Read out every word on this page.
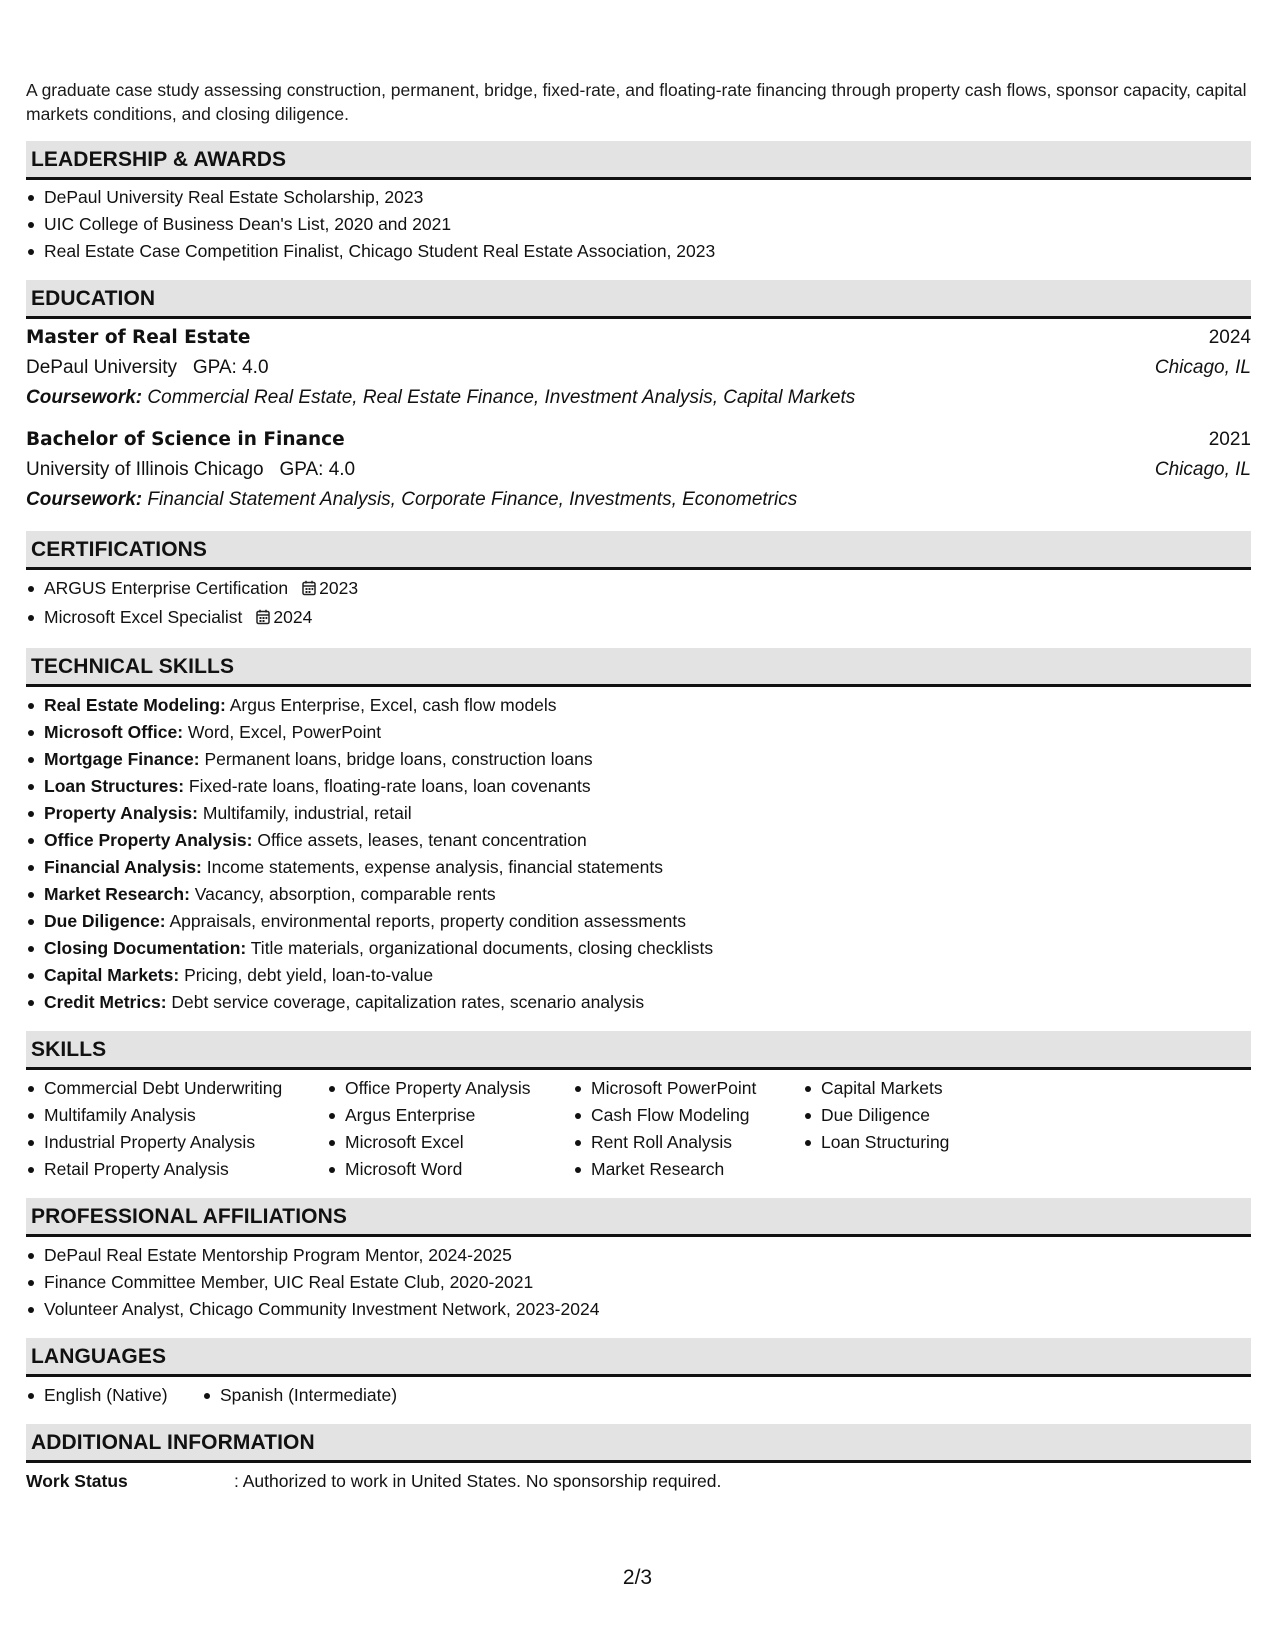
A graduate case study assessing construction, permanent, bridge, fixed-rate, and floating-rate financing through property cash flows, sponsor capacity, capital markets conditions, and closing diligence.
LEADERSHIP & AWARDS
DePaul University Real Estate Scholarship, 2023
UIC College of Business Dean's List, 2020 and 2021
Real Estate Case Competition Finalist, Chicago Student Real Estate Association, 2023
EDUCATION
Master of Real Estate	2024
DePaul University GPA: 4.0	Chicago, IL
Coursework: Commercial Real Estate, Real Estate Finance, Investment Analysis, Capital Markets
Bachelor of Science in Finance	2021
University of Illinois Chicago GPA: 4.0	Chicago, IL
Coursework: Financial Statement Analysis, Corporate Finance, Investments, Econometrics
CERTIFICATIONS
ARGUS Enterprise Certification 2023
Microsoft Excel Specialist 2024
TECHNICAL SKILLS
Real Estate Modeling: Argus Enterprise, Excel, cash flow models
Microsoft Office: Word, Excel, PowerPoint
Mortgage Finance: Permanent loans, bridge loans, construction loans
Loan Structures: Fixed-rate loans, floating-rate loans, loan covenants
Property Analysis: Multifamily, industrial, retail
Office Property Analysis: Office assets, leases, tenant concentration
Financial Analysis: Income statements, expense analysis, financial statements
Market Research: Vacancy, absorption, comparable rents
Due Diligence: Appraisals, environmental reports, property condition assessments
Closing Documentation: Title materials, organizational documents, closing checklists
Capital Markets: Pricing, debt yield, loan-to-value
Credit Metrics: Debt service coverage, capitalization rates, scenario analysis
SKILLS
Commercial Debt Underwriting
Multifamily Analysis
Industrial Property Analysis
Retail Property Analysis
Office Property Analysis
Argus Enterprise
Microsoft Excel
Microsoft Word
Microsoft PowerPoint
Cash Flow Modeling
Rent Roll Analysis
Market Research
Capital Markets
Due Diligence
Loan Structuring
PROFESSIONAL AFFILIATIONS
DePaul Real Estate Mentorship Program Mentor, 2024-2025
Finance Committee Member, UIC Real Estate Club, 2020-2021
Volunteer Analyst, Chicago Community Investment Network, 2023-2024
LANGUAGES
English (Native)	Spanish (Intermediate)
ADDITIONAL INFORMATION
Work Status	: Authorized to work in United States. No sponsorship required.
2/3
